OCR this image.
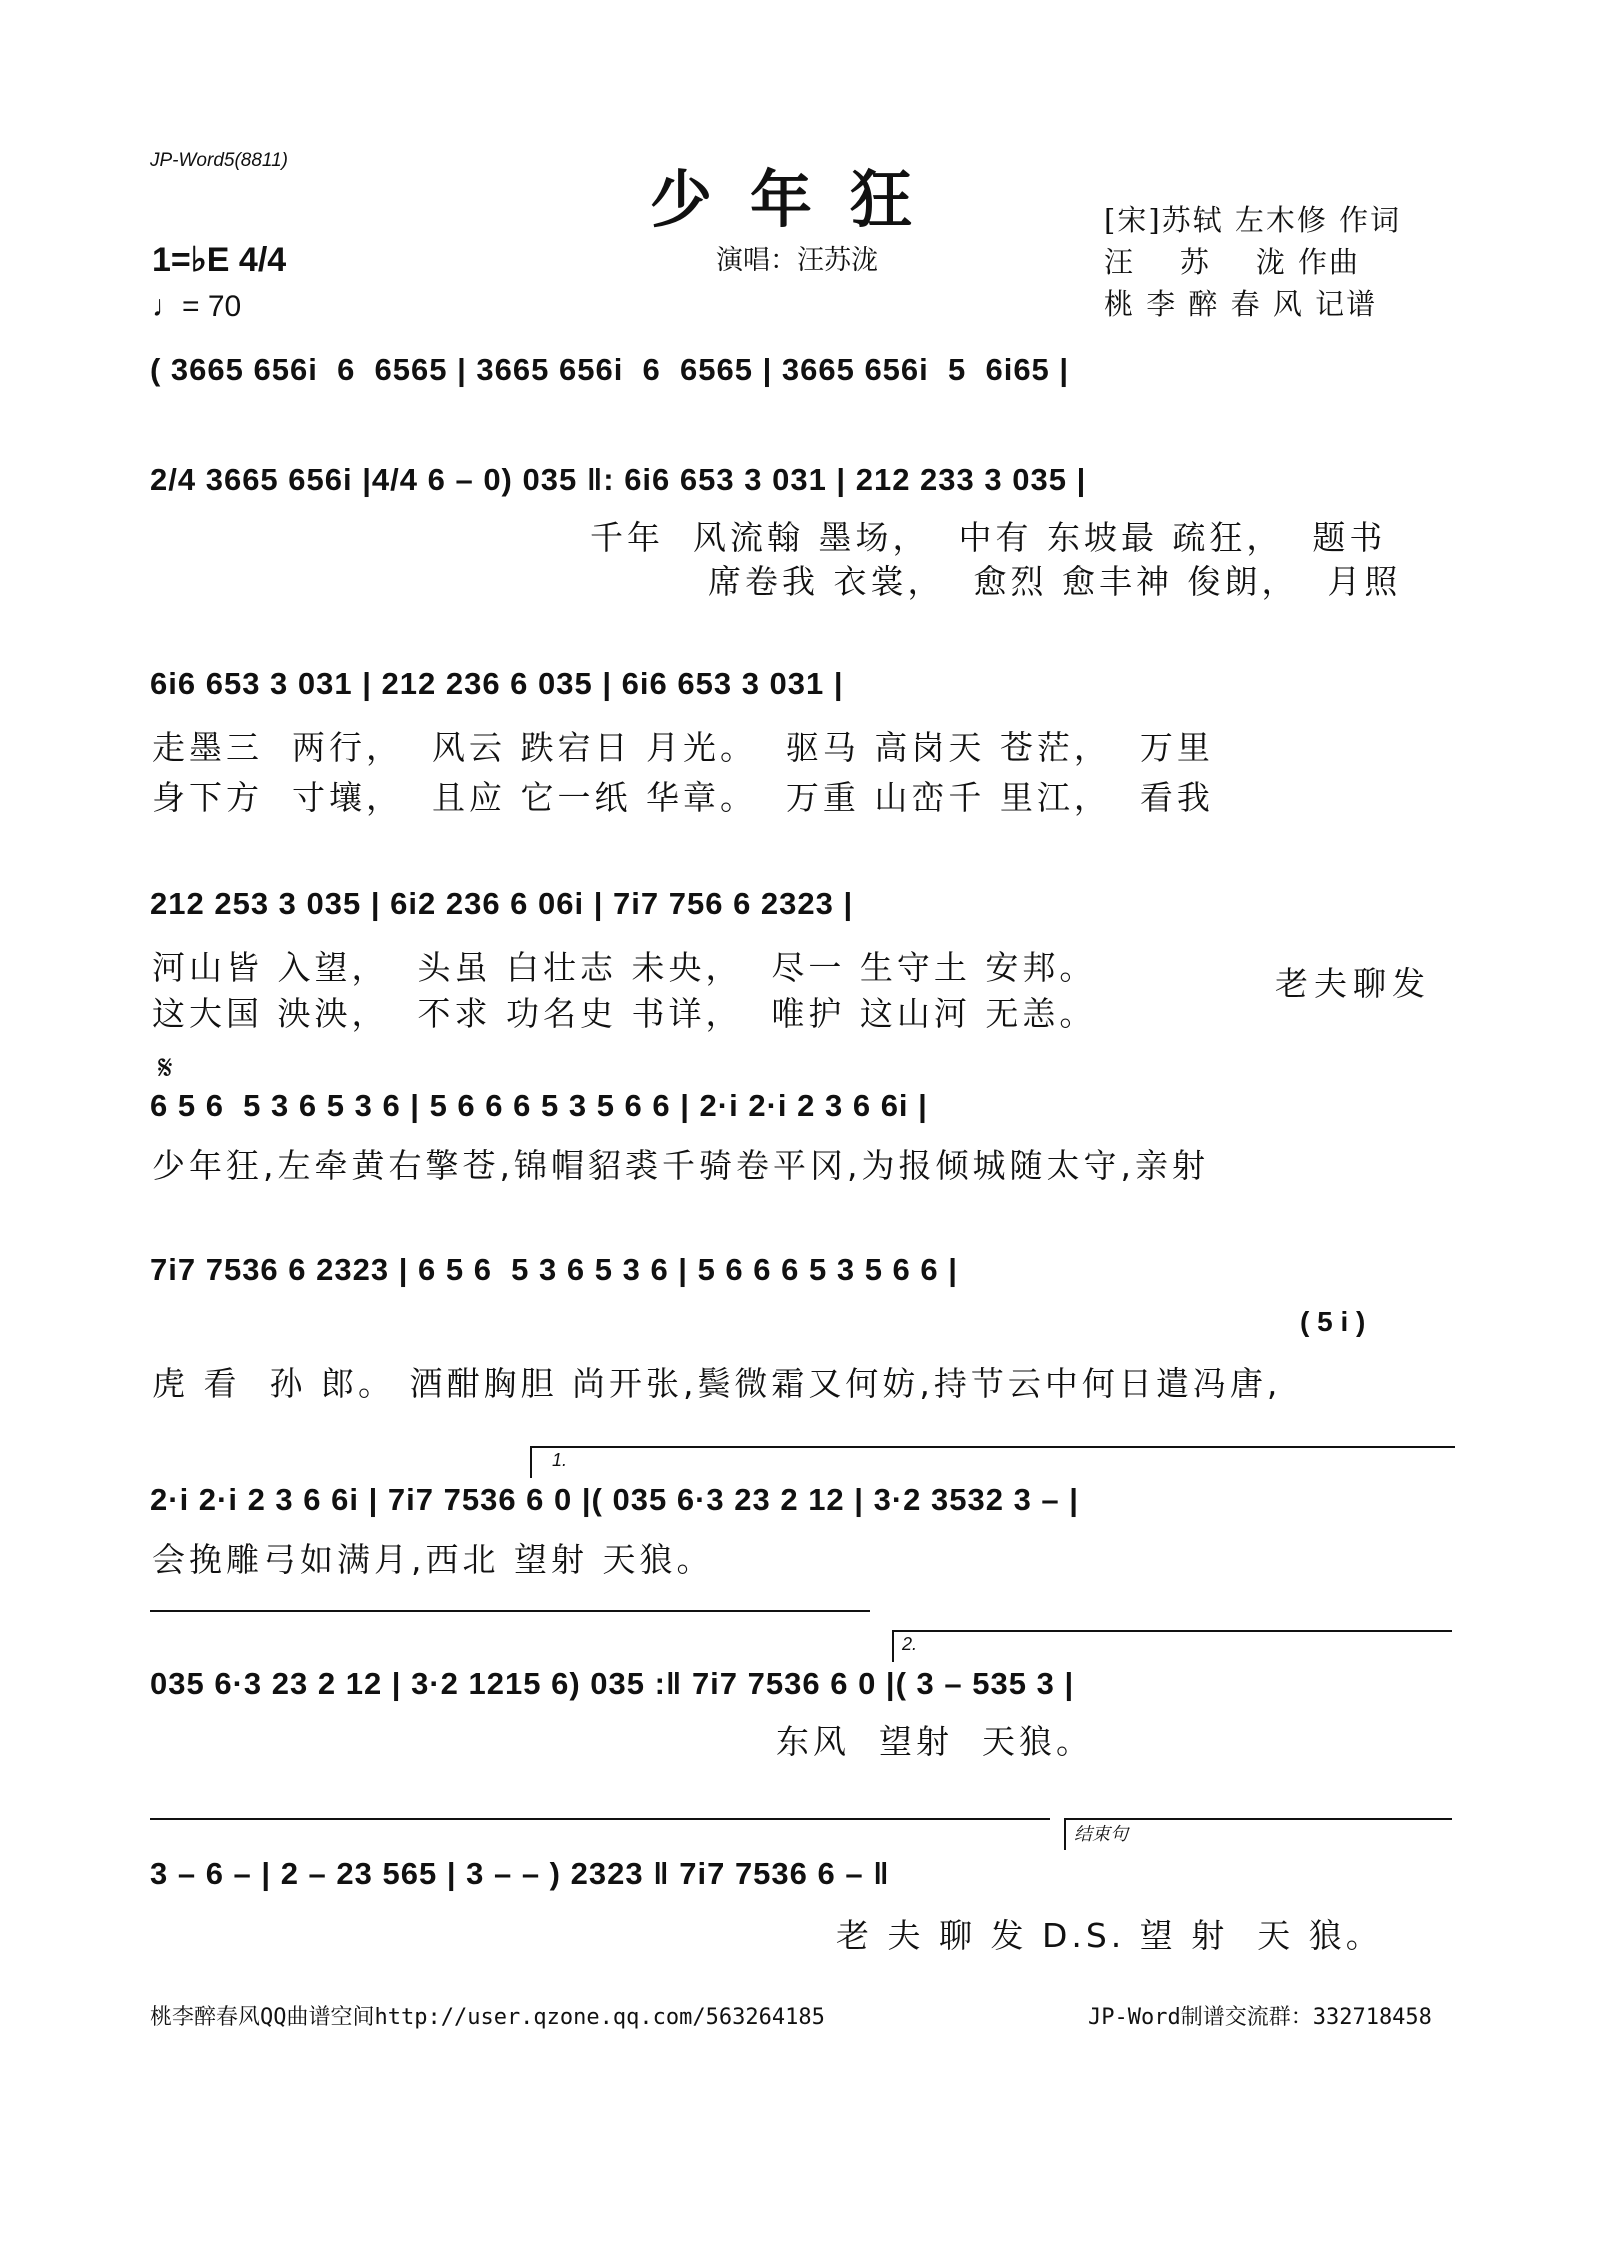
JP-Word5(8811)
少年狂
演唱：汪苏泷
[宋]苏轼 左木修 作词
汪    苏    泷 作曲
桃 李 醉 春 风 记谱
1=♭E 4/4
♩= 70
( 3665 656i  6  6565 | 3665 656i  6  6565 | 3665 656i  5  6i65 |
2/4 3665 656i |4/4 6 – 0) 035 ‖: 6i6 653 3 031 | 212 233 3 035 |
千年  风流翰 墨场，  中有 东坡最 疏狂，  题书
席卷我 衣裳，  愈烈 愈丰神 俊朗，  月照
6i6 653 3 031 | 212 236 6 035 | 6i6 653 3 031 |
走墨三  两行，  风云 跌宕日 月光。  驱马 高岗天 苍茫，  万里
身下方  寸壤，  且应 它一纸 华章。  万重 山峦千 里江，  看我
212 253 3 035 | 6i2 236 6 06i | 7i7 756 6 2323 |
河山皆 入望，  头虽 白壮志 未央，  尽一 生守土 安邦。
这大国 泱泱，  不求 功名史 书详，  唯护 这山河 无恙。
老夫聊发
𝄋
6 5 6  5 3 6 5 3 6 | 5 6 6 6 5 3 5 6 6 | 2·i 2·i 2 3 6 6i |
少年狂,左牵黄右擎苍,锦帽貂裘千骑卷平冈,为报倾城随太守,亲射
7i7 7536 6 2323 | 6 5 6  5 3 6 5 3 6 | 5 6 6 6 5 3 5 6 6 |
( 5 i )
虎 看  孙 郎。 酒酣胸胆 尚开张,鬓微霜又何妨,持节云中何日遣冯唐,
1.
2·i 2·i 2 3 6 6i | 7i7 7536 6 0 |( 035 6·3 23 2 12 | 3·2 3532 3 – |
会挽雕弓如满月,西北 望射 天狼。
2.
035 6·3 23 2 12 | 3·2 1215 6) 035 :‖ 7i7 7536 6 0 |( 3 – 535 3 |
东风  望射  天狼。
结束句
3 – 6 – | 2 – 23 565 | 3 – – ) 2323 ‖ 7i7 7536 6 – ‖
老 夫 聊 发 D.S. 望 射  天 狼。
桃李醉春风QQ曲谱空间http://user.qzone.qq.com/563264185	JP-Word制谱交流群：332718458
